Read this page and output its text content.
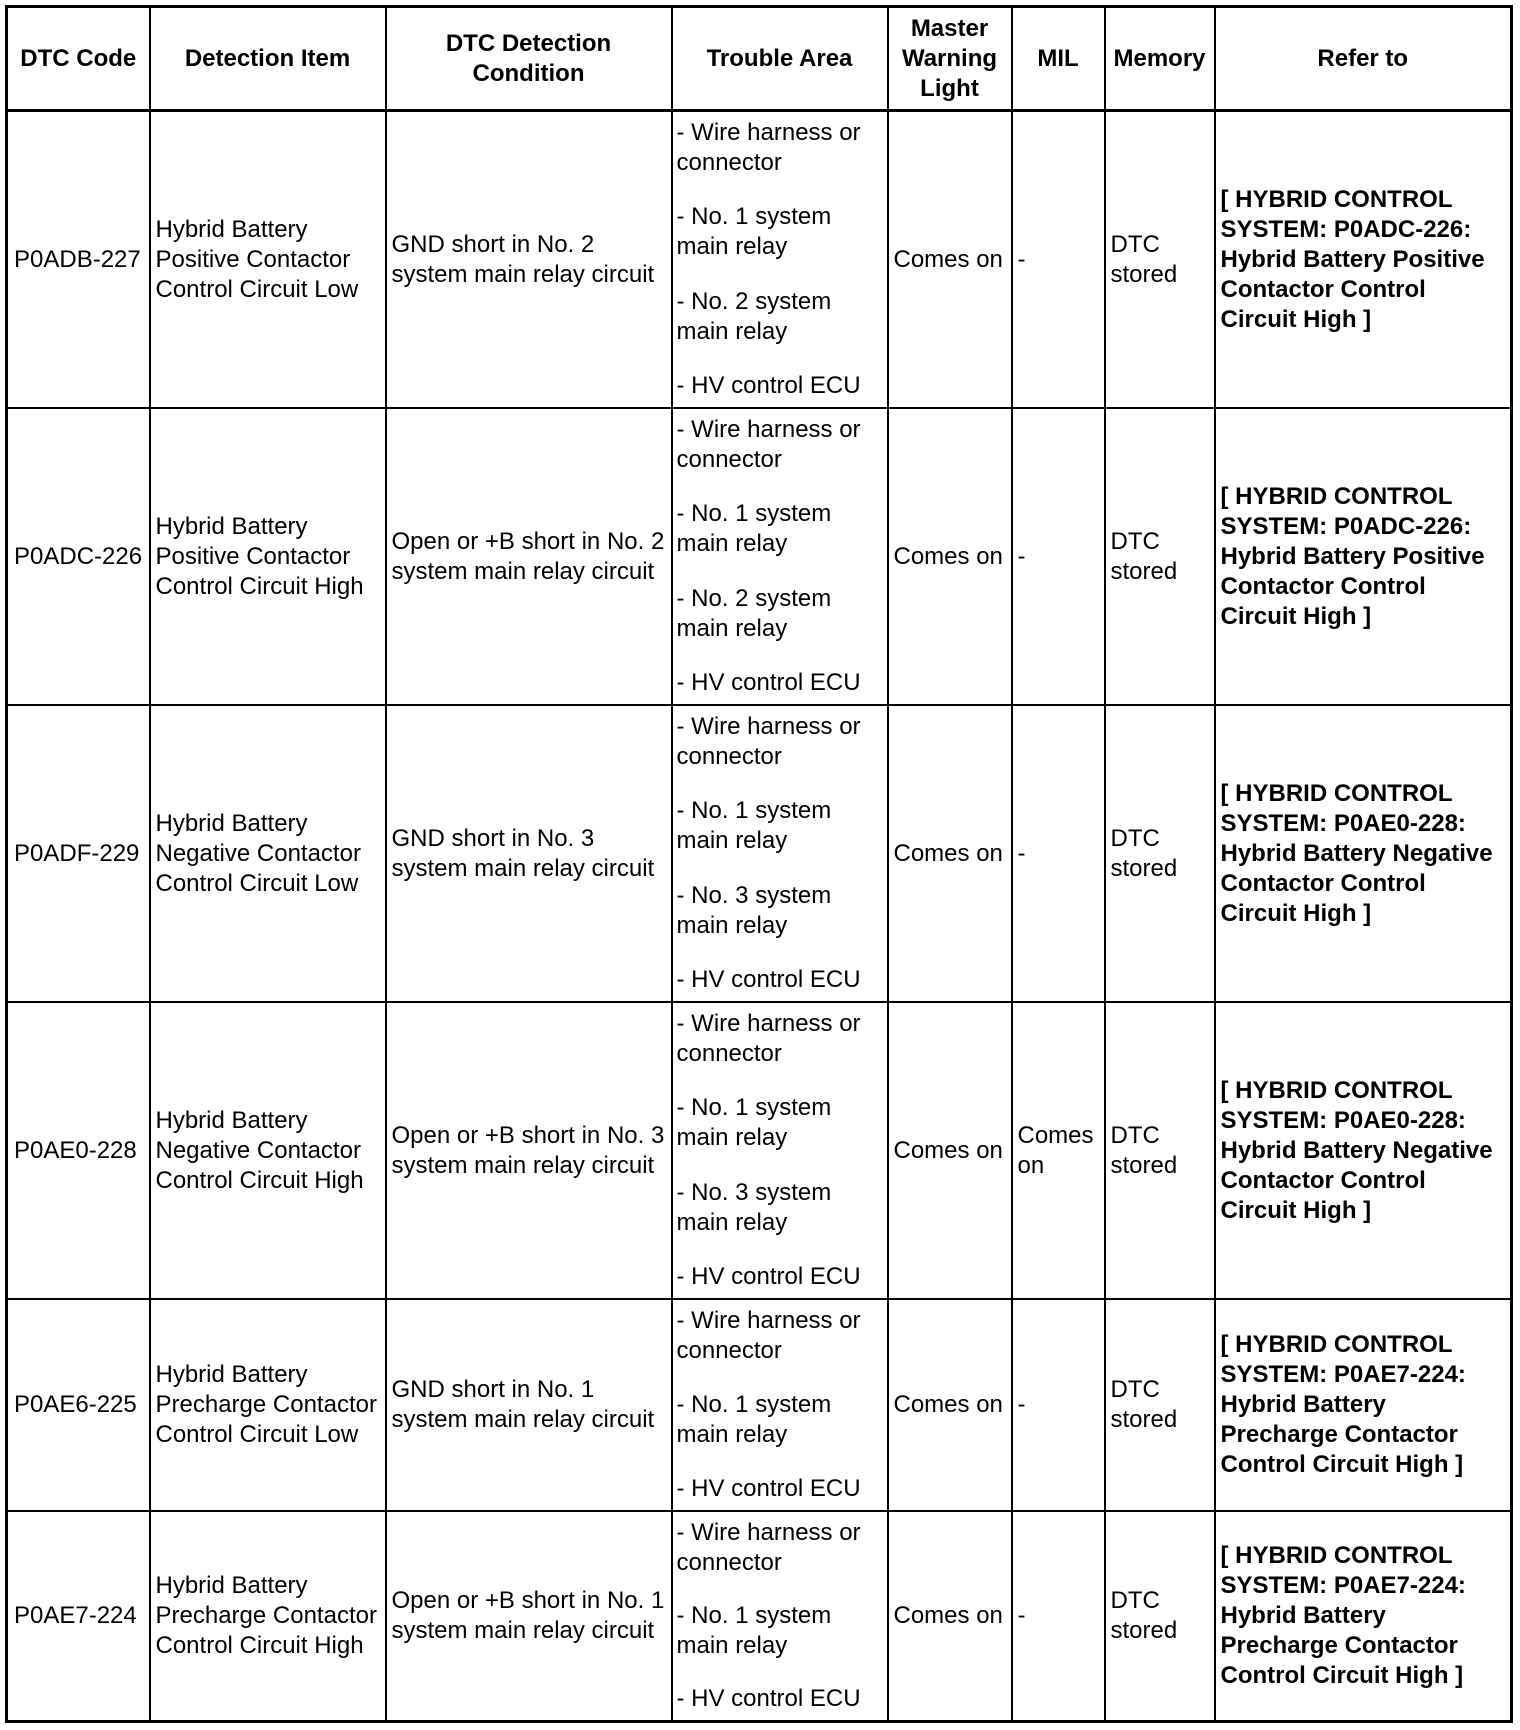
DTC Code	Detection Item	DTC Detection Condition	Trouble Area	Master Warning Light	MIL	Memory	Refer to
P0ADB-227	Hybrid Battery Positive Contactor Control Circuit Low	GND short in No. 2 system main relay circuit	- Wire harness or connector
- No. 1 system main relay
- No. 2 system main relay
- HV control ECU	Comes on	-	DTC stored	[ HYBRID CONTROL SYSTEM: P0ADC-226: Hybrid Battery Positive Contactor Control Circuit High ]
P0ADC-226	Hybrid Battery Positive Contactor Control Circuit High	Open or +B short in No. 2 system main relay circuit	- Wire harness or connector
- No. 1 system main relay
- No. 2 system main relay
- HV control ECU	Comes on	-	DTC stored	[ HYBRID CONTROL SYSTEM: P0ADC-226: Hybrid Battery Positive Contactor Control Circuit High ]
P0ADF-229	Hybrid Battery Negative Contactor Control Circuit Low	GND short in No. 3 system main relay circuit	- Wire harness or connector
- No. 1 system main relay
- No. 3 system main relay
- HV control ECU	Comes on	-	DTC stored	[ HYBRID CONTROL SYSTEM: P0AE0-228: Hybrid Battery Negative Contactor Control Circuit High ]
P0AE0-228	Hybrid Battery Negative Contactor Control Circuit High	Open or +B short in No. 3 system main relay circuit	- Wire harness or connector
- No. 1 system main relay
- No. 3 system main relay
- HV control ECU	Comes on	Comes on	DTC stored	[ HYBRID CONTROL SYSTEM: P0AE0-228: Hybrid Battery Negative Contactor Control Circuit High ]
P0AE6-225	Hybrid Battery Precharge Contactor Control Circuit Low	GND short in No. 1 system main relay circuit	- Wire harness or connector
- No. 1 system main relay
- HV control ECU	Comes on	-	DTC stored	[ HYBRID CONTROL SYSTEM: P0AE7-224: Hybrid Battery Precharge Contactor Control Circuit High ]
P0AE7-224	Hybrid Battery Precharge Contactor Control Circuit High	Open or +B short in No. 1 system main relay circuit	- Wire harness or connector
- No. 1 system main relay
- HV control ECU	Comes on	-	DTC stored	[ HYBRID CONTROL SYSTEM: P0AE7-224: Hybrid Battery Precharge Contactor Control Circuit High ]
